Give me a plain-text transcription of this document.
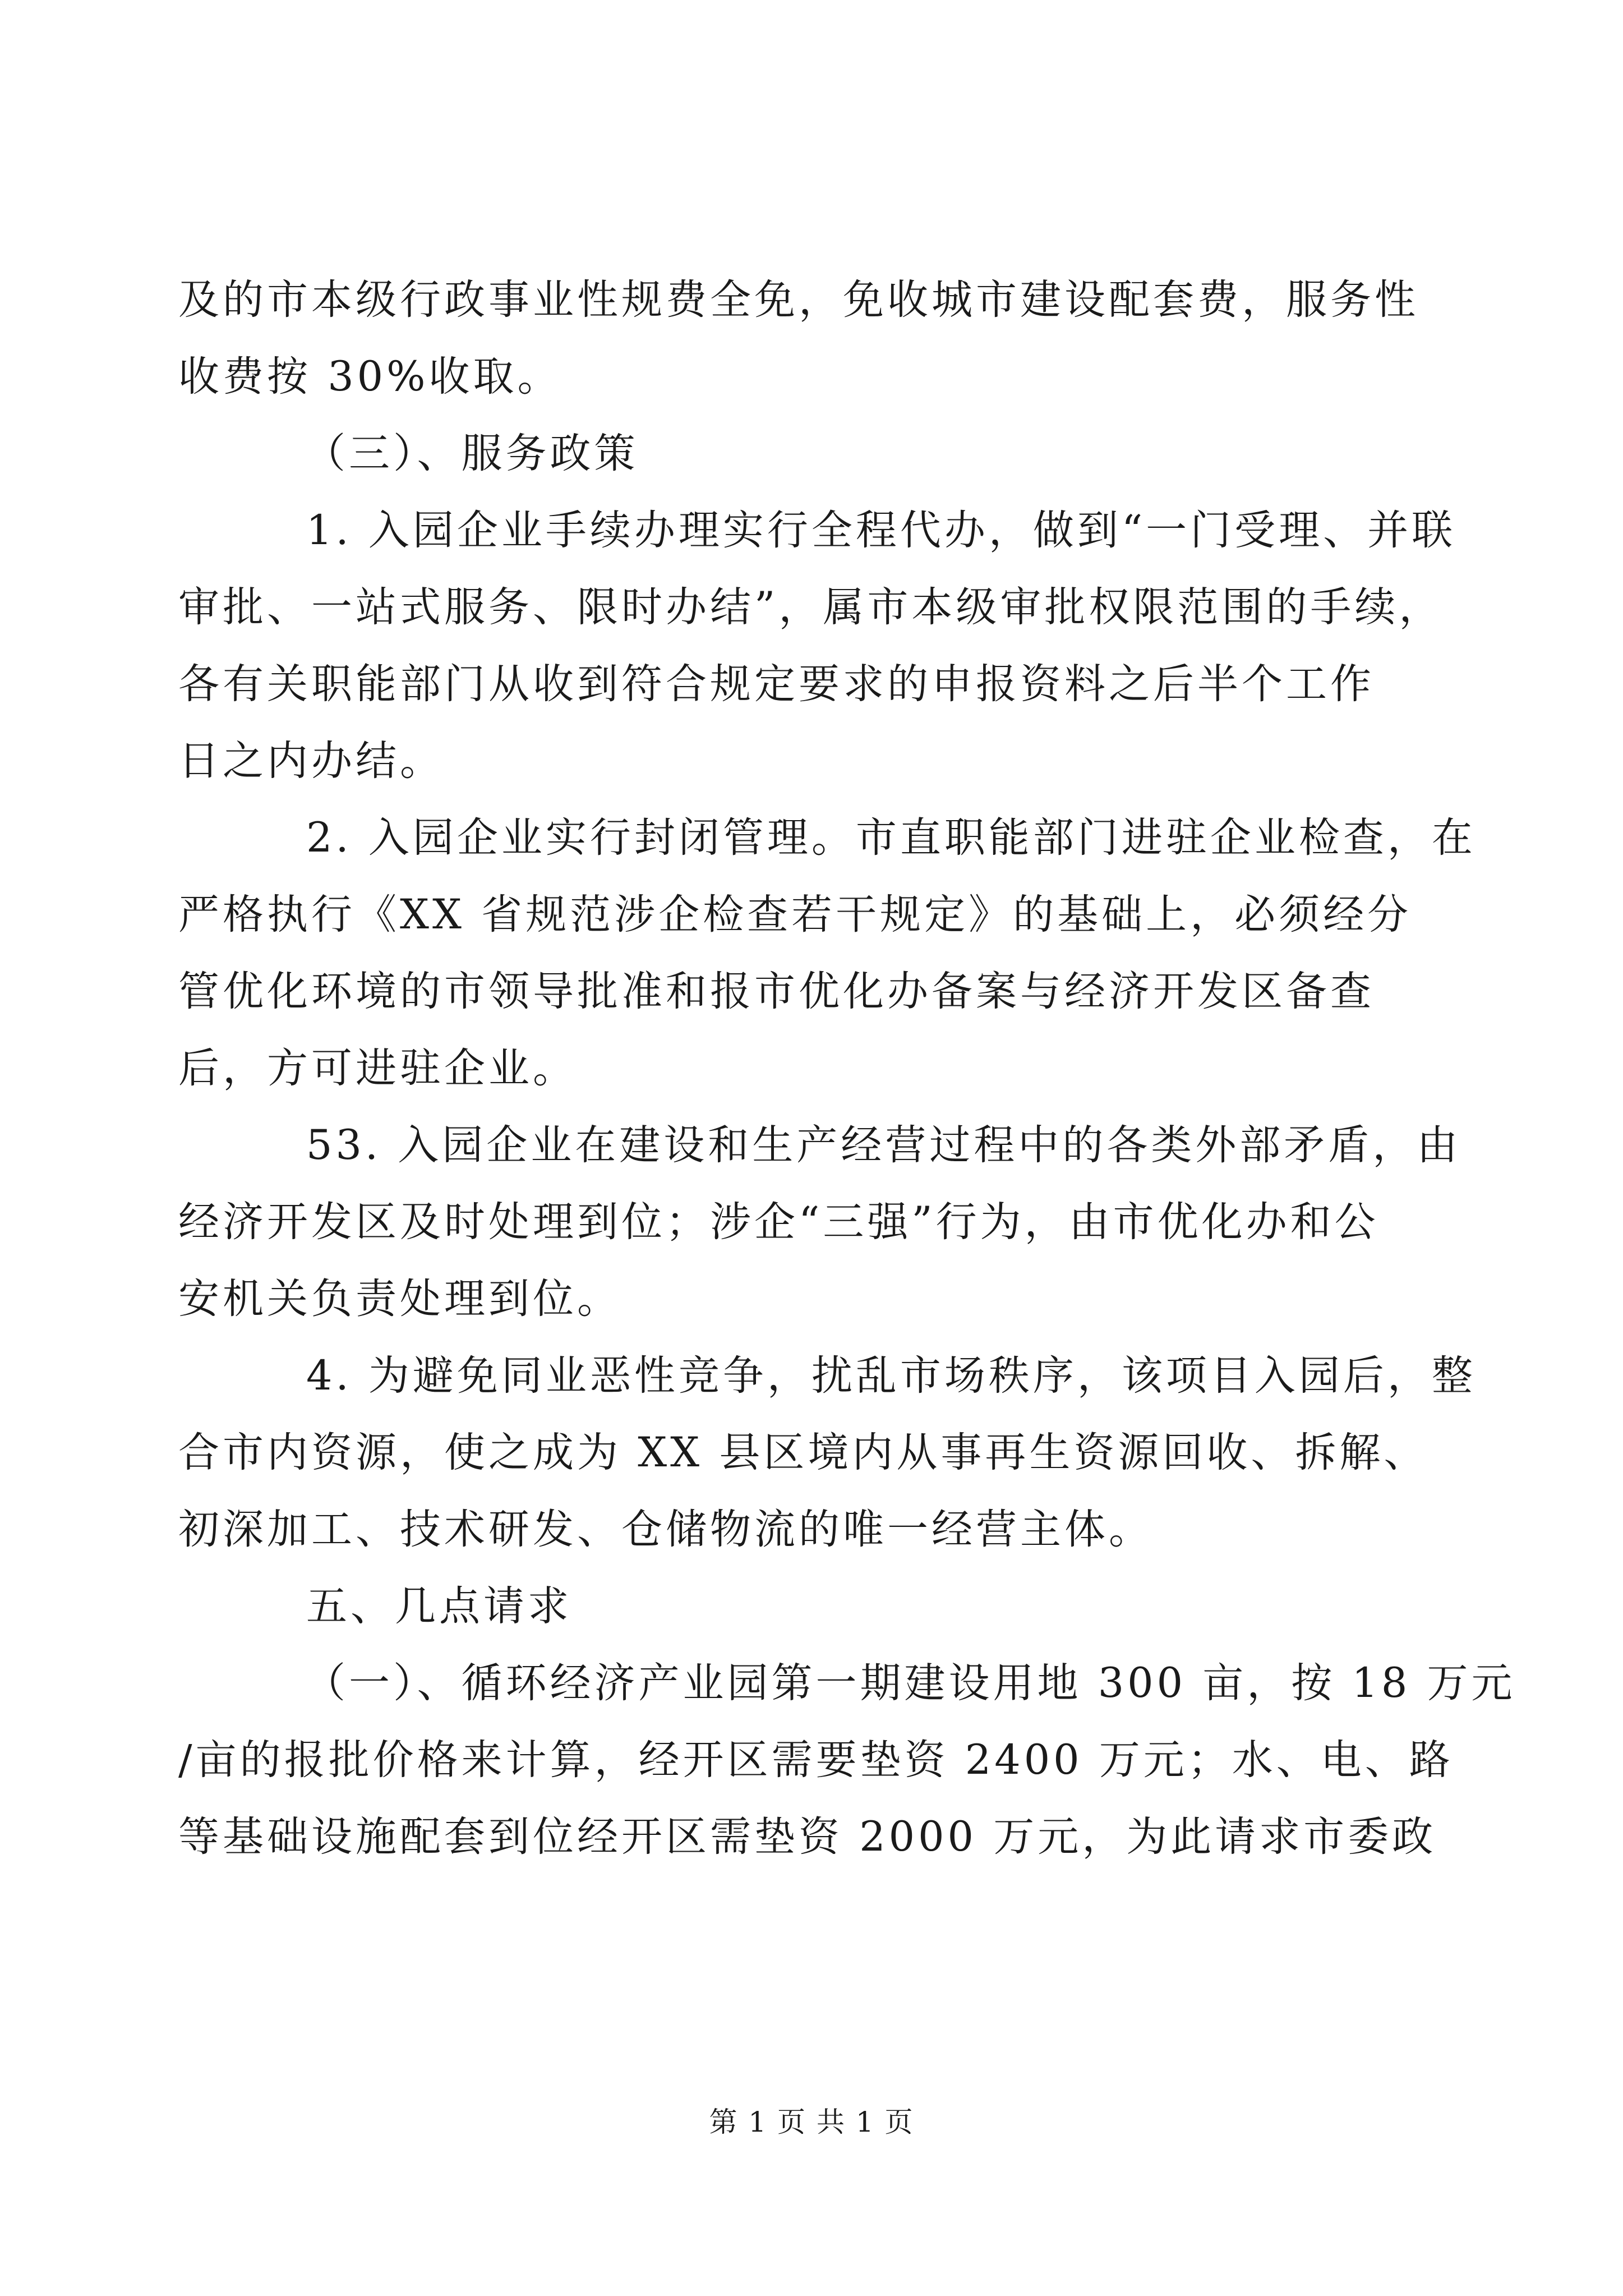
及的市本级行政事业性规费全免，免收城市建设配套费，服务性
收费按 30%收取。
（三）、服务政策
1. 入园企业手续办理实行全程代办，做到“一门受理、并联
审批、一站式服务、限时办结”，属市本级审批权限范围的手续，
各有关职能部门从收到符合规定要求的申报资料之后半个工作
日之内办结。
2. 入园企业实行封闭管理。市直职能部门进驻企业检查，在
严格执行《XX 省规范涉企检查若干规定》的基础上，必须经分
管优化环境的市领导批准和报市优化办备案与经济开发区备查
后，方可进驻企业。
53. 入园企业在建设和生产经营过程中的各类外部矛盾，由
经济开发区及时处理到位；涉企“三强”行为，由市优化办和公
安机关负责处理到位。
4. 为避免同业恶性竞争，扰乱市场秩序，该项目入园后，整
合市内资源，使之成为 XX 县区境内从事再生资源回收、拆解、
初深加工、技术研发、仓储物流的唯一经营主体。
五、几点请求
（一）、循环经济产业园第一期建设用地 300 亩，按 18 万元
/亩的报批价格来计算，经开区需要垫资 2400 万元；水、电、路
等基础设施配套到位经开区需垫资 2000 万元，为此请求市委政
第 1 页 共 1 页
